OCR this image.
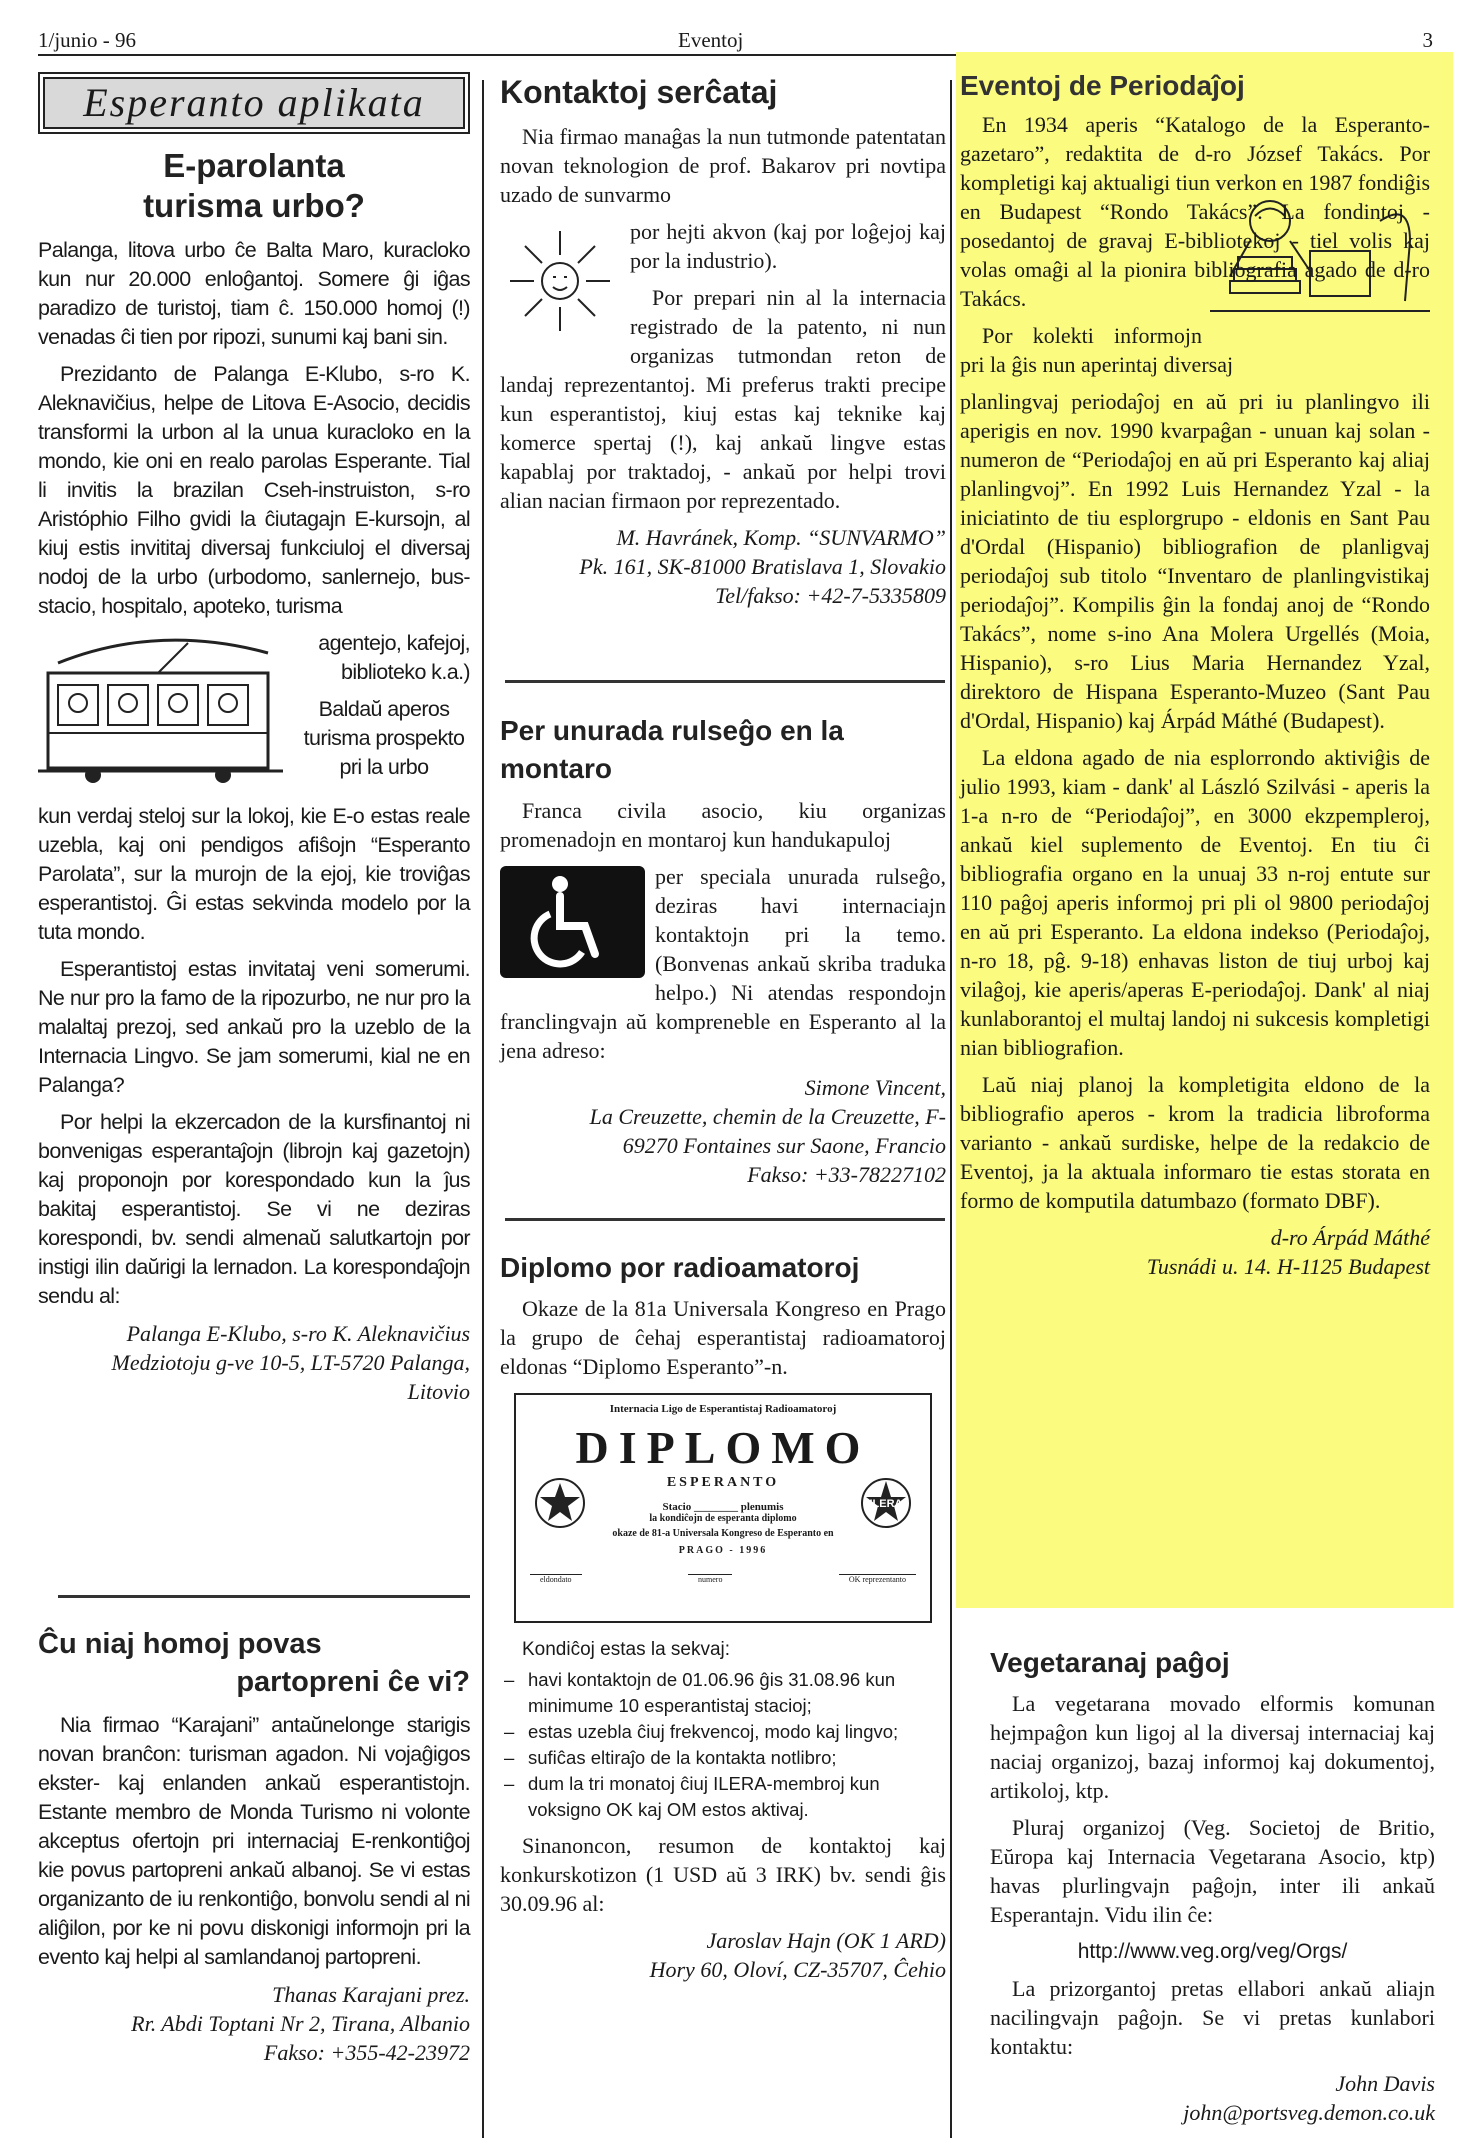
1/junio - 96	Eventoj	3
Esperanto aplikata
E-parolanta
turisma urbo?

Palanga, litova urbo ĉe Balta Maro, kuracloko kun nur 20.000 enloĝantoj. Somere ĝi iĝas paradizo de turistoj, tiam ĉ. 150.000 homoj (!) venadas ĉi tien por ripozi, sunumi kaj bani sin.

Prezidanto de Palanga E-Klubo, s-ro K. Aleknavičius, helpe de Litova E-Asocio, decidis transformi la urbon al la unua kuracloko en la mondo, kie oni en realo parolas Esperante. Tial li invitis la brazilan Cseh-instruiston, s-ro Aristóphio Filho gvidi la ĉiutagajn E-kursojn, al kiuj estis invititaj diversaj funkciuloj el diversaj nodoj de la urbo (urbodomo, sanlernejo, bus-stacio, hospitalo, apoteko, turisma

agentejo, kafejoj, biblioteko k.a.)

Baldaŭ aperos turisma prospekto pri la urbo

kun verdaj steloj sur la lokoj, kie E-o estas reale uzebla, kaj oni pendigos afiŝojn “Esperanto Parolata”, sur la murojn de la ejoj, kie troviĝas esperantistoj. Ĝi estas sekvinda modelo por la tuta mondo.

Esperantistoj estas invitataj veni somerumi. Ne nur pro la famo de la ripozurbo, ne nur pro la malaltaj prezoj, sed ankaŭ pro la uzeblo de la Internacia Lingvo. Se jam somerumi, kial ne en Palanga?

Por helpi la ekzercadon de la kursfinantoj ni bonvenigas esperantaĵojn (librojn kaj gazetojn) kaj proponojn por korespondado kun la ĵus bakitaj esperantistoj. Se vi ne deziras korespondi, bv. sendi almenaŭ salutkartojn por instigi ilin daŭrigi la lernadon. La korespondaĵojn sendu al:

Palanga E-Klubo, s-ro K. Aleknavičius

Medziotoju g-ve 10-5, LT-5720 Palanga,

Litovio

Ĉu niaj homoj povas

partopreni ĉe vi?

Nia firmao “Karajani” antaŭnelonge starigis novan branĉon: turisman agadon. Ni vojaĝigos ekster- kaj enlanden ankaŭ esperantistojn. Estante membro de Monda Turismo ni volonte akceptus ofertojn pri internaciaj E-renkontiĝoj kie povus partopreni ankaŭ albanoj. Se vi estas organizanto de iu renkontiĝo, bonvolu sendi al ni aliĝilon, por ke ni povu diskonigi informojn pri la evento kaj helpi al samlandanoj partopreni.

Thanas Karajani prez.

Rr. Abdi Toptani Nr 2, Tirana, Albanio

Fakso: +355-42-23972

Kontaktoj serĉataj

Nia firmao manaĝas la nun tutmonde patentatan novan teknologion de prof. Bakarov pri novtipa uzado de sunvarmo

por hejti akvon (kaj por loĝejoj kaj por la industrio).

Por prepari nin al la internacia registrado de la patento, ni nun organizas tutmondan reton de landaj reprezentantoj. Mi preferus trakti precipe kun esperantistoj, kiuj estas kaj teknike kaj komerce spertaj (!), kaj ankaŭ lingve estas kapablaj por traktadoj, - ankaŭ por helpi trovi alian nacian firmaon por reprezentado.

M. Havránek, Komp. “SUNVARMO”

Pk. 161, SK-81000 Bratislava 1, Slovakio

Tel/fakso: +42-7-5335809

Per unurada rulseĝo en la
montaro

Franca civila asocio, kiu organizas promenadojn en montaroj kun handukapuloj

per speciala unurada rulseĝo, deziras havi internaciajn kontaktojn pri la temo. (Bonvenas ankaŭ skriba traduka helpo.) Ni atendas respondojn franclingvajn aŭ kompreneble en Esperanto al la jena adreso:

Simone Vincent,

La Creuzette, chemin de la Creuzette, F-

69270 Fontaines sur Saone, Francio

Fakso: +33-78227102

Diplomo por radioamatoroj

Okaze de la 81a Universala Kongreso en Prago la grupo de ĉehaj esperantistaj radioamatoroj eldonas “Diplomo Esperanto”-n.

Internacia Ligo de Esperantistaj Radioamatoroj
DIPLOMO
ESPERANTO
ILERA
Stacio ________ plenumis
la kondiĉojn de esperanta diplomo
okaze de 81-a Universala Kongreso de Esperanto en
PRAGO - 1996
eldondato	numero	OK reprezentanto

Kondiĉoj estas la sekvaj:

– havi kontaktojn de 01.06.96 ĝis 31.08.96 kun minimume 10 esperantistaj stacioj;
– estas uzebla ĉiuj frekvencoj, modo kaj lingvo;
– sufiĉas eltiraĵo de la kontakta notlibro;
– dum la tri monatoj ĉiuj ILERA-membroj kun voksigno OK kaj OM estos aktivaj.

Sinanoncon, resumon de kontaktoj kaj konkurskotizon (1 USD aŭ 3 IRK) bv. sendi ĝis 30.09.96 al:

Jaroslav Hajn (OK 1 ARD)

Hory 60, Oloví, CZ-35707, Ĉehio

Eventoj de Periodaĵoj

En 1934 aperis “Katalogo de la Esperanto-gazetaro”, redaktita de d-ro József Takács. Por kompletigi kaj aktualigi tiun verkon en 1987 fondiĝis en Budapest “Rondo Takács”. La fondintoj - posedantoj de gravaj E-bibliotekoj - tiel volis kaj volas omaĝi al la pionira bibliografia agado de d-ro Takács.

Por kolekti informojn pri la ĝis nun aperintaj diversaj

planlingvaj periodaĵoj en aŭ pri iu planlingvo ili aperigis en nov. 1990 kvarpaĝan - unuan kaj solan - numeron de “Periodaĵoj en aŭ pri Esperanto kaj aliaj planlingvoj”. En 1992 Luis Hernandez Yzal - la iniciatinto de tiu esplorgrupo - eldonis en Sant Pau d'Ordal (Hispanio) bibliografion de planligvaj periodaĵoj sub titolo “Inventaro de planlingvistikaj periodaĵoj”. Kompilis ĝin la fondaj anoj de “Rondo Takács”, nome s-ino Ana Molera Urgellés (Moia, Hispanio), s-ro Lius Maria Hernandez Yzal, direktoro de Hispana Esperanto-Muzeo (Sant Pau d'Ordal, Hispanio) kaj Árpád Máthé (Budapest).

La eldona agado de nia esplorrondo aktiviĝis de julio 1993, kiam - dank' al László Szilvási - aperis la 1-a n-ro de “Periodaĵoj”, en 3000 ekzpempleroj, ankaŭ kiel suplemento de Eventoj. En tiu ĉi bibliografia organo en la unuaj 33 n-roj entute sur 110 paĝoj aperis informoj pri pli ol 9800 periodaĵoj en aŭ pri Esperanto. La eldona indekso (Periodaĵoj, n-ro 18, pĝ. 9-18) enhavas liston de tiuj urboj kaj vilaĝoj, kie aperis/aperas E-periodaĵoj. Dank' al niaj kunlaborantoj el multaj landoj ni sukcesis kompletigi nian bibliografion.

Laŭ niaj planoj la kompletigita eldono de la bibliografio aperos - krom la tradicia libroforma varianto - ankaŭ surdiske, helpe de la redakcio de Eventoj, ja la aktuala informaro tie estas storata en formo de komputila datumbazo (formato DBF).

d-ro Árpád Máthé

Tusnádi u. 14. H-1125 Budapest

Vegetaranaj paĝoj

La vegetarana movado elformis komunan hejmpaĝon kun ligoj al la diversaj internaciaj kaj naciaj organizoj, bazaj informoj kaj dokumentoj, artikoloj, ktp.

Pluraj organizoj (Veg. Societoj de Britio, Eŭropa kaj Internacia Vegetarana Asocio, ktp) havas plurlingvajn paĝojn, inter ili ankaŭ Esperantajn. Vidu ilin ĉe:

http://www.veg.org/veg/Orgs/

La prizorgantoj pretas ellabori ankaŭ aliajn nacilingvajn paĝojn. Se vi pretas kunlabori kontaktu:

John Davis

john@portsveg.demon.co.uk
